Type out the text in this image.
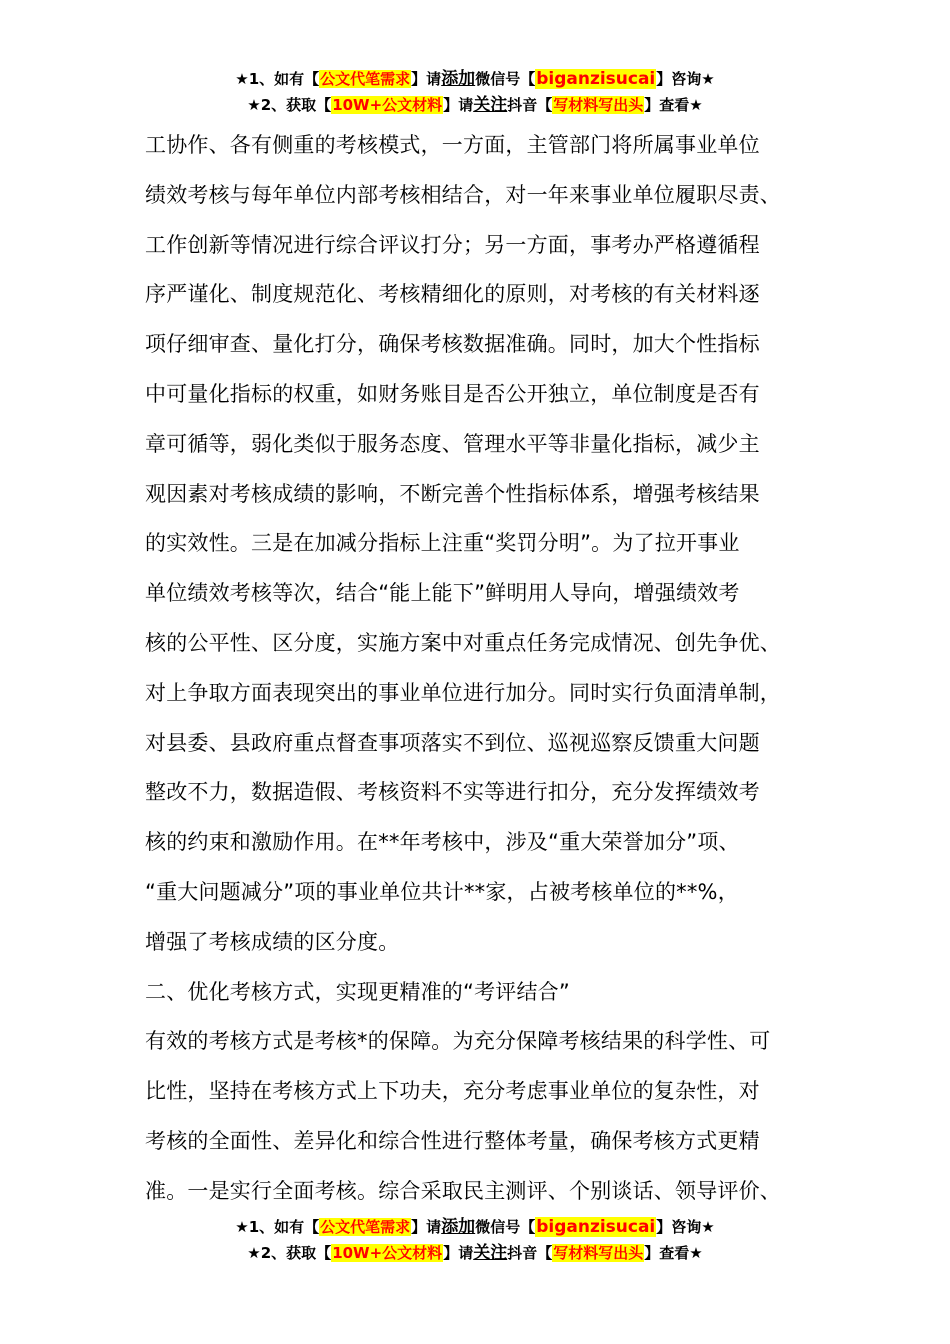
★1、如有【公文代笔需求】请添加微信号【biganzisucai】咨询★
★2、获取【10W+公文材料】请关注抖音【写材料写出头】查看★
工协作、各有侧重的考核模式，一方面，主管部门将所属事业单位
绩效考核与每年单位内部考核相结合，对一年来事业单位履职尽责、
工作创新等情况进行综合评议打分；另一方面，事考办严格遵循程
序严谨化、制度规范化、考核精细化的原则，对考核的有关材料逐
项仔细审查、量化打分，确保考核数据准确。同时，加大个性指标
中可量化指标的权重，如财务账目是否公开独立，单位制度是否有
章可循等，弱化类似于服务态度、管理水平等非量化指标，减少主
观因素对考核成绩的影响，不断完善个性指标体系，增强考核结果
的实效性。三是在加减分指标上注重“奖罚分明”。为了拉开事业
单位绩效考核等次，结合“能上能下”鲜明用人导向，增强绩效考
核的公平性、区分度，实施方案中对重点任务完成情况、创先争优、
对上争取方面表现突出的事业单位进行加分。同时实行负面清单制，
对县委、县政府重点督查事项落实不到位、巡视巡察反馈重大问题
整改不力，数据造假、考核资料不实等进行扣分，充分发挥绩效考
核的约束和激励作用。在**年考核中，涉及“重大荣誉加分”项、
“重大问题减分”项的事业单位共计**家，占被考核单位的**%，
增强了考核成绩的区分度。
二、优化考核方式，实现更精准的“考评结合”
有效的考核方式是考核*的保障。为充分保障考核结果的科学性、可
比性，坚持在考核方式上下功夫，充分考虑事业单位的复杂性，对
考核的全面性、差异化和综合性进行整体考量，确保考核方式更精
准。一是实行全面考核。综合采取民主测评、个别谈话、领导评价、
★1、如有【公文代笔需求】请添加微信号【biganzisucai】咨询★
★2、获取【10W+公文材料】请关注抖音【写材料写出头】查看★
